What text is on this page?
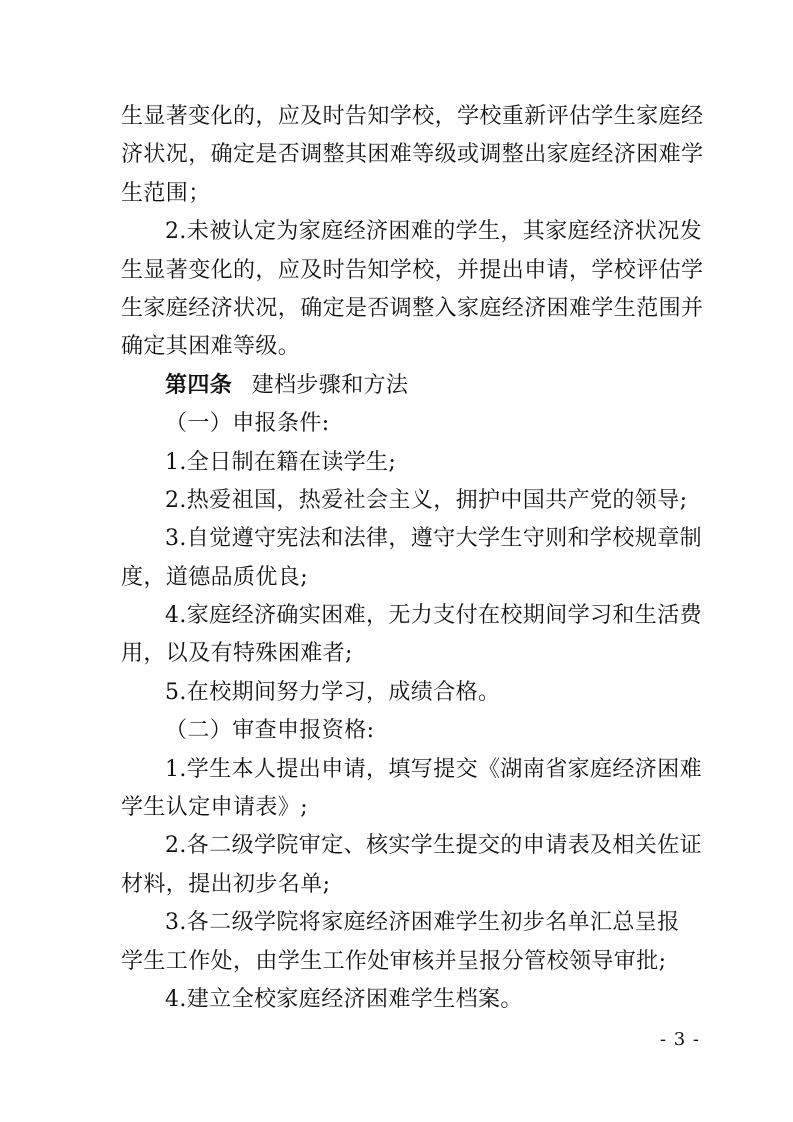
生显著变化的，应及时告知学校，学校重新评估学生家庭经
济状况，确定是否调整其困难等级或调整出家庭经济困难学
生范围；
2.未被认定为家庭经济困难的学生，其家庭经济状况发
生显著变化的，应及时告知学校，并提出申请，学校评估学
生家庭经济状况，确定是否调整入家庭经济困难学生范围并
确定其困难等级。
第四条 建档步骤和方法
（一）申报条件:
1.全日制在籍在读学生;
2.热爱祖国，热爱社会主义，拥护中国共产党的领导;
3.自觉遵守宪法和法律，遵守大学生守则和学校规章制
度，道德品质优良;
4.家庭经济确实困难，无力支付在校期间学习和生活费
用，以及有特殊困难者;
5.在校期间努力学习，成绩合格。
（二）审查申报资格:
1.学生本人提出申请，填写提交《湖南省家庭经济困难
学生认定申请表》;
2.各二级学院审定、核实学生提交的申请表及相关佐证
材料，提出初步名单;
3.各二级学院将家庭经济困难学生初步名单汇总呈报
学生工作处，由学生工作处审核并呈报分管校领导审批;
4.建立全校家庭经济困难学生档案。
- 3 -
